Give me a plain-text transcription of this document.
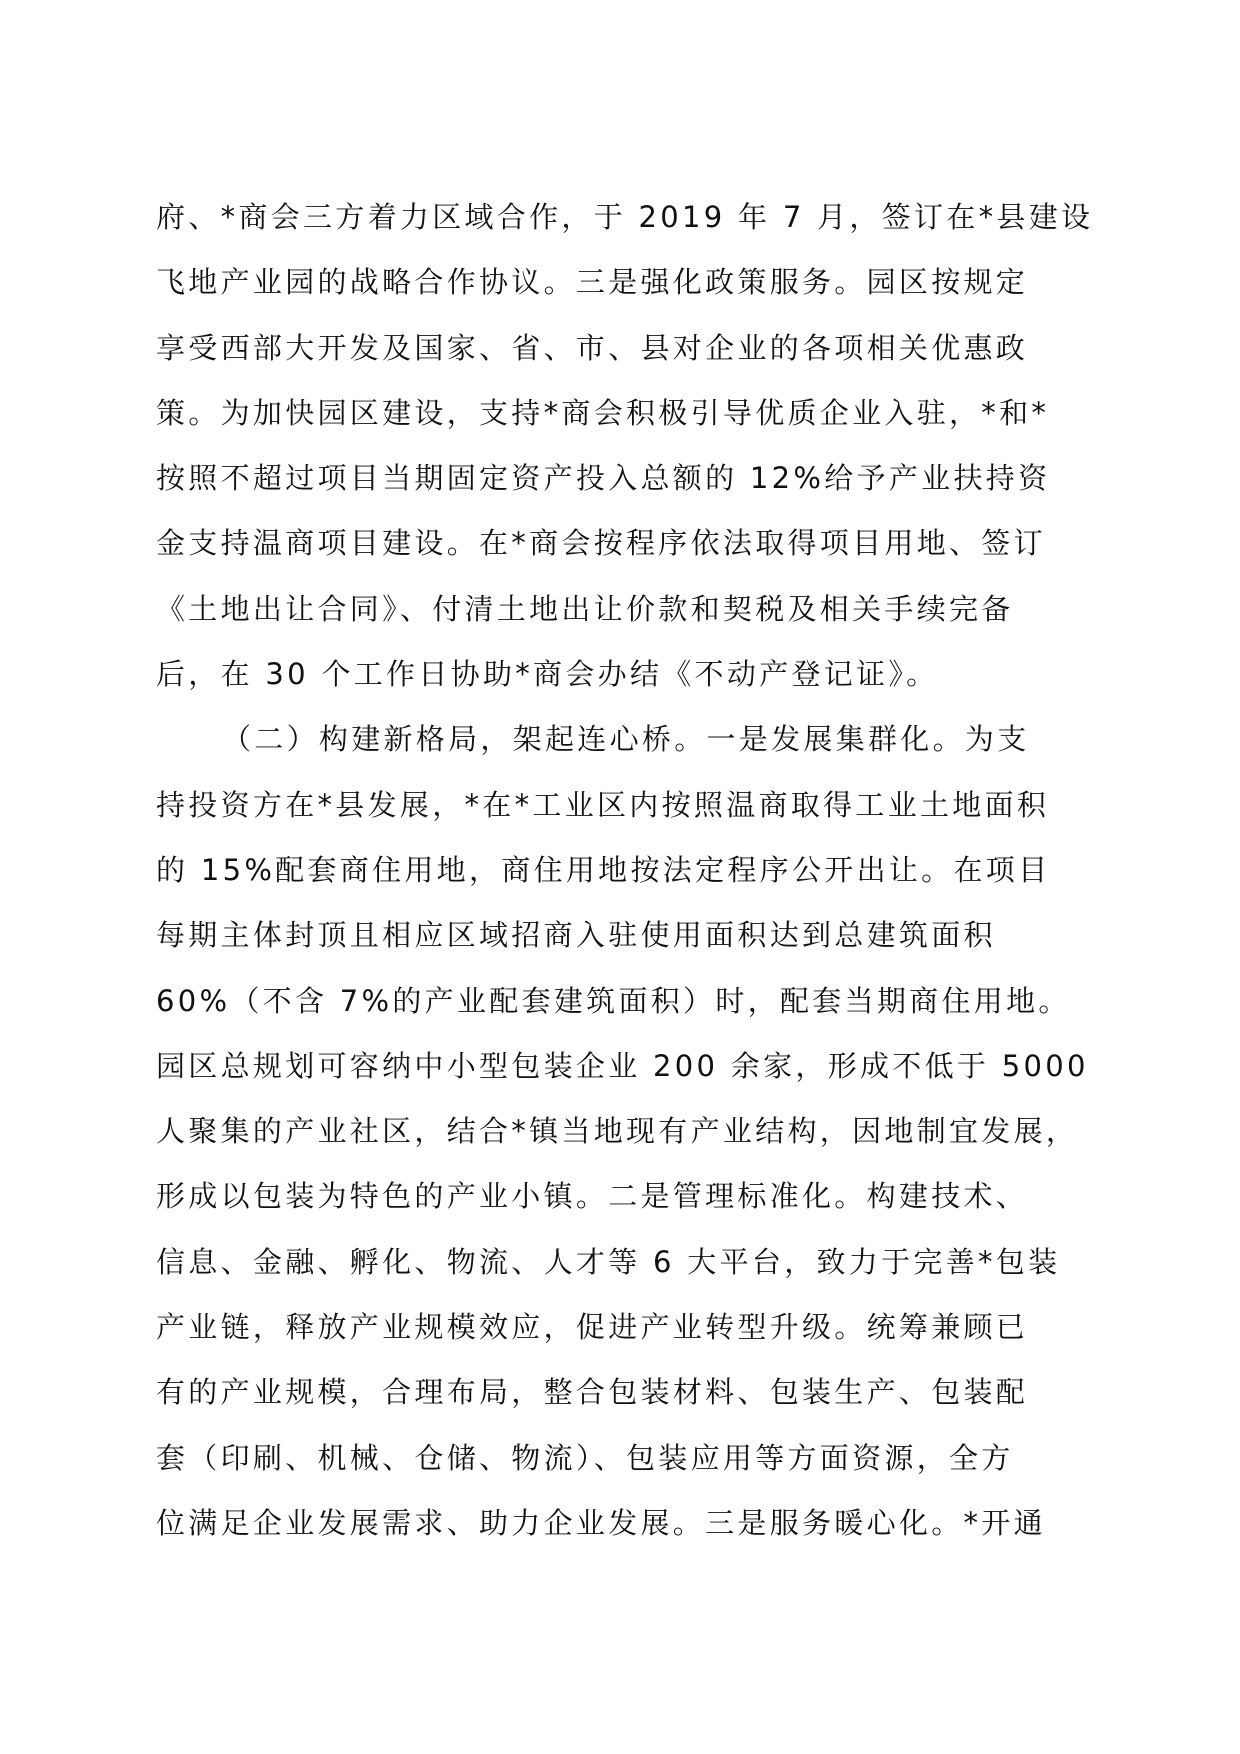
府、*商会三方着力区域合作，于 2019 年 7 月，签订在*县建设
飞地产业园的战略合作协议。三是强化政策服务。园区按规定
享受西部大开发及国家、省、市、县对企业的各项相关优惠政
策。为加快园区建设，支持*商会积极引导优质企业入驻，*和*
按照不超过项目当期固定资产投入总额的 12%给予产业扶持资
金支持温商项目建设。在*商会按程序依法取得项目用地、签订
《土地出让合同》、付清土地出让价款和契税及相关手续完备
后，在 30 个工作日协助*商会办结《不动产登记证》。
（二）构建新格局，架起连心桥。一是发展集群化。为支
持投资方在*县发展，*在*工业区内按照温商取得工业土地面积
的 15%配套商住用地，商住用地按法定程序公开出让。在项目
每期主体封顶且相应区域招商入驻使用面积达到总建筑面积
60%（不含 7%的产业配套建筑面积）时，配套当期商住用地。
园区总规划可容纳中小型包装企业 200 余家，形成不低于 5000
人聚集的产业社区，结合*镇当地现有产业结构，因地制宜发展，
形成以包装为特色的产业小镇。二是管理标准化。构建技术、
信息、金融、孵化、物流、人才等 6 大平台，致力于完善*包装
产业链，释放产业规模效应，促进产业转型升级。统筹兼顾已
有的产业规模，合理布局，整合包装材料、包装生产、包装配
套（印刷、机械、仓储、物流）、包装应用等方面资源，全方
位满足企业发展需求、助力企业发展。三是服务暖心化。*开通
